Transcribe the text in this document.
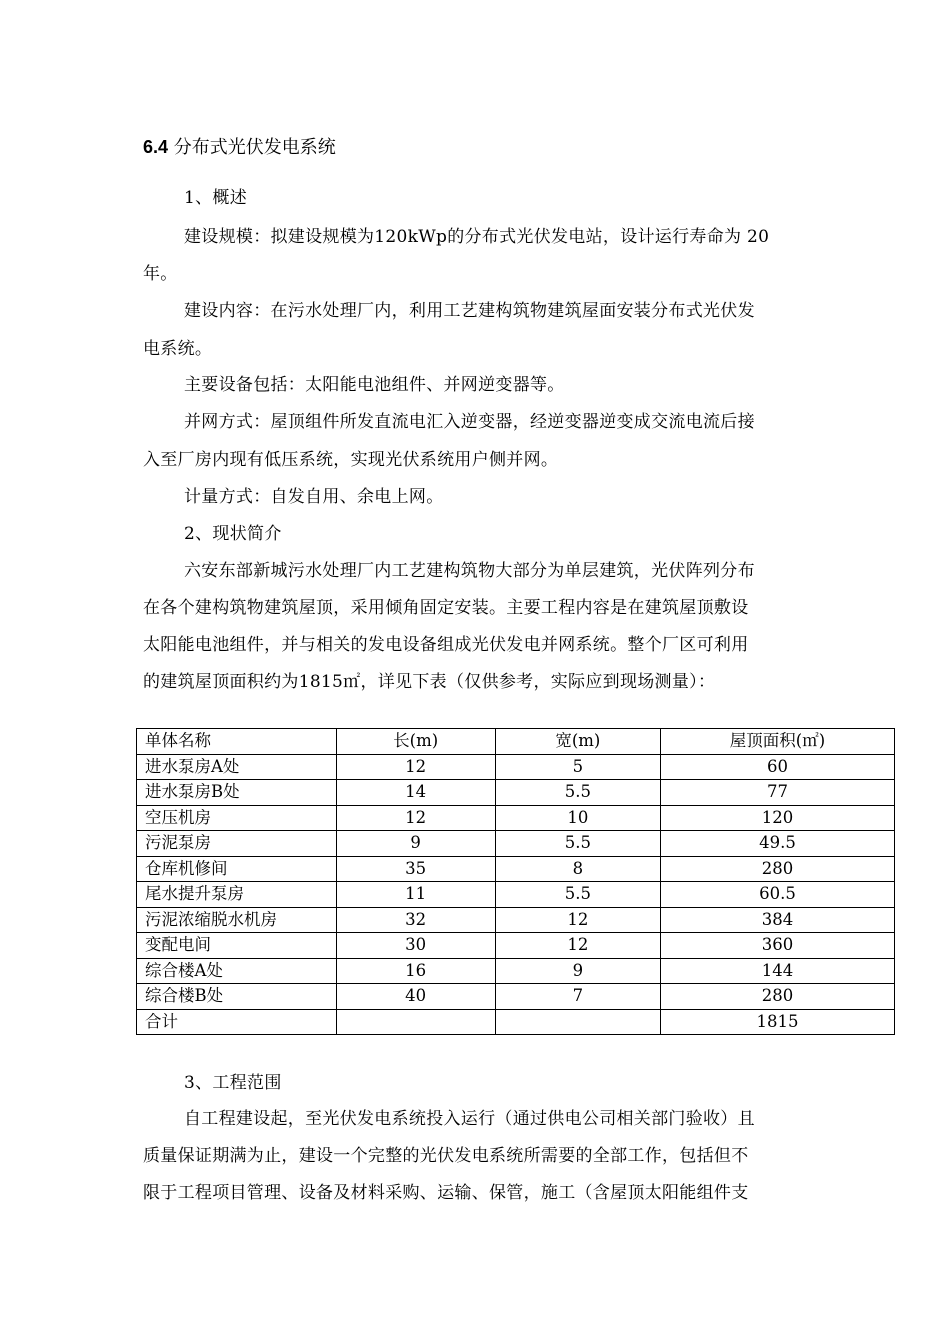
6.4 分布式光伏发电系统
1、概述
建设规模：拟建设规模为120kWp的分布式光伏发电站，设计运行寿命为 20
年。
建设内容：在污水处理厂内，利用工艺建构筑物建筑屋面安装分布式光伏发
电系统。
主要设备包括：太阳能电池组件、并网逆变器等。
并网方式：屋顶组件所发直流电汇入逆变器，经逆变器逆变成交流电流后接
入至厂房内现有低压系统，实现光伏系统用户侧并网。
计量方式：自发自用、余电上网。
2、现状简介
六安东部新城污水处理厂内工艺建构筑物大部分为单层建筑，光伏阵列分布
在各个建构筑物建筑屋顶，采用倾角固定安装。主要工程内容是在建筑屋顶敷设
太阳能电池组件，并与相关的发电设备组成光伏发电并网系统。整个厂区可利用
的建筑屋顶面积约为1815㎡，详见下表（仅供参考，实际应到现场测量）：
单体名称	长(m)	宽(m)	屋顶面积(㎡)
进水泵房A处	12	5	60
进水泵房B处	14	5.5	77
空压机房	12	10	120
污泥泵房	9	5.5	49.5
仓库机修间	35	8	280
尾水提升泵房	11	5.5	60.5
污泥浓缩脱水机房	32	12	384
变配电间	30	12	360
综合楼A处	16	9	144
综合楼B处	40	7	280
合计			1815
3、工程范围
自工程建设起，至光伏发电系统投入运行（通过供电公司相关部门验收）且
质量保证期满为止，建设一个完整的光伏发电系统所需要的全部工作，包括但不
限于工程项目管理、设备及材料采购、运输、保管，施工（含屋顶太阳能组件支
